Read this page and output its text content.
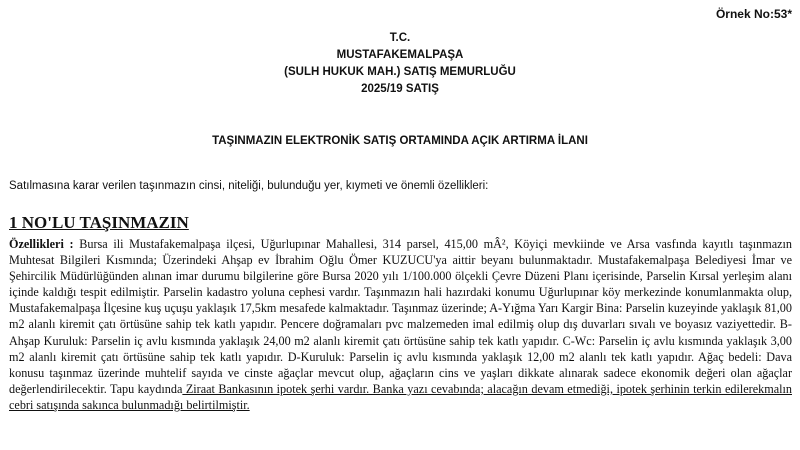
Örnek No:53*
T.C.
MUSTAFAKEMALPAŞA
(SULH HUKUK MAH.) SATIŞ MEMURLUĞU
2025/19 SATIŞ
TAŞINMAZIN ELEKTRONİK SATIŞ ORTAMINDA AÇIK ARTIRMA İLANI
Satılmasına karar verilen taşınmazın cinsi, niteliği, bulunduğu yer, kıymeti ve önemli özellikleri:
1 NO'LU TAŞINMAZIN

Özellikleri : Bursa ili Mustafakemalpaşa ilçesi, Uğurlupınar Mahallesi, 314 parsel, 415,00 mÂ², Köyiçi mevkiinde ve Arsa vasfında kayıtlı taşınmazın Muhtesat Bilgileri Kısmında; Üzerindeki Ahşap ev İbrahim Oğlu Ömer KUZUCU'ya aittir beyanı bulunmaktadır. Mustafakemalpaşa Belediyesi İmar ve Şehircilik Müdürlüğünden alınan imar durumu bilgilerine göre Bursa 2020 yılı 1/100.000 ölçekli Çevre Düzeni Planı içerisinde, Parselin Kırsal yerleşim alanı içinde kaldığı tespit edilmiştir. Parselin kadastro yoluna cephesi vardır. Taşınmazın hali hazırdaki konumu Uğurlupınar köy merkezinde konumlanmakta olup, Mustafakemalpaşa İlçesine kuş uçuşu yaklaşık 17,5km mesafede kalmaktadır. Taşınmaz üzerinde; A-Yığma Yarı Kargir Bina: Parselin kuzeyinde yaklaşık 81,00 m2 alanlı kiremit çatı örtüsüne sahip tek katlı yapıdır. Pencere doğramaları pvc malzemeden imal edilmiş olup dış duvarları sıvalı ve boyasız vaziyettedir. B-Ahşap Kuruluk: Parselin iç avlu kısmında yaklaşık 24,00 m2 alanlı kiremit çatı örtüsüne sahip tek katlı yapıdır. C-Wc: Parselin iç avlu kısmında yaklaşık 3,00 m2 alanlı kiremit çatı örtüsüne sahip tek katlı yapıdır. D-Kuruluk: Parselin iç avlu kısmında yaklaşık 12,00 m2 alanlı tek katlı yapıdır. Ağaç bedeli: Dava konusu taşınmaz üzerinde muhtelif sayıda ve cinste ağaçlar mevcut olup, ağaçların cins ve yaşları dikkate alınarak sadece ekonomik değeri olan ağaçlar değerlendirilecektir. Tapu kaydında Ziraat Bankasının ipotek şerhi vardır. Banka yazı cevabında; alacağın devam etmediği, ipotek şerhinin terkin edilerekmalın cebri satışında sakınca bulunmadığı belirtilmiştir.
